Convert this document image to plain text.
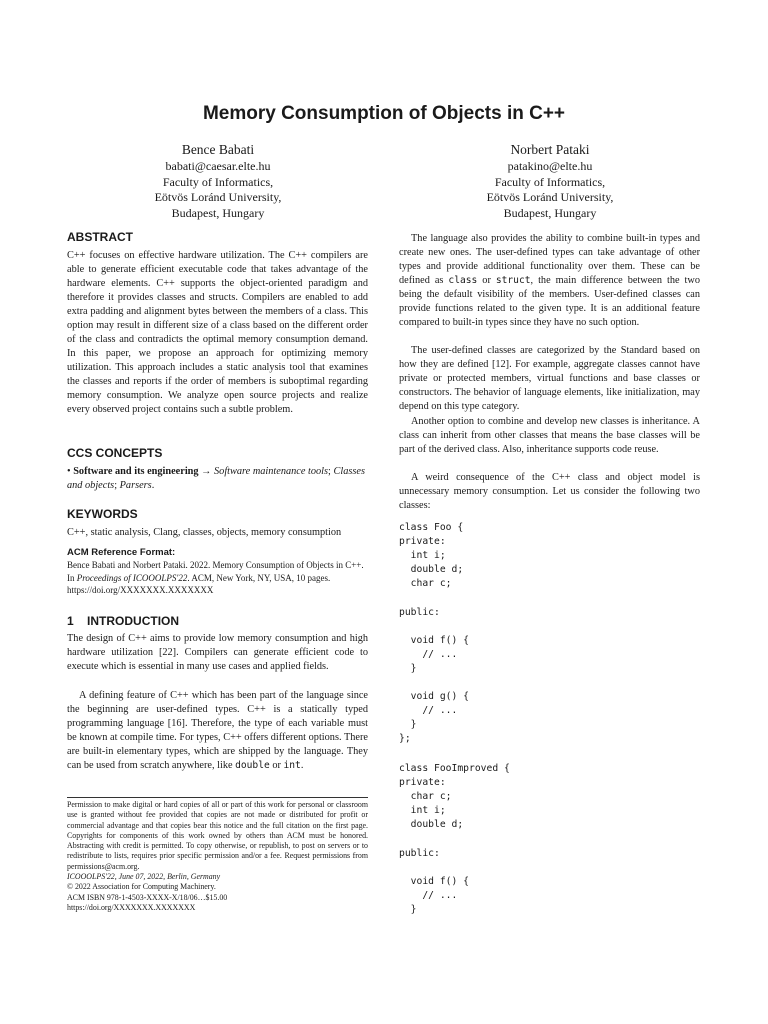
Memory Consumption of Objects in C++
Bence Babati
babati@caesar.elte.hu
Faculty of Informatics,
Eötvös Loránd University,
Budapest, Hungary
Norbert Pataki
patakino@elte.hu
Faculty of Informatics,
Eötvös Loránd University,
Budapest, Hungary
ABSTRACT

C++ focuses on effective hardware utilization. The C++ compilers are able to generate efficient executable code that takes advantage of the hardware elements. C++ supports the object-oriented paradigm and therefore it provides classes and structs. Compilers are enabled to add extra padding and alignment bytes between the members of a class. This option may result in different size of a class based on the different order of the class and contradicts the optimal memory consumption demand. In this paper, we propose an approach for optimizing memory utilization. This approach includes a static analysis tool that examines the classes and reports if the order of members is suboptimal regarding memory consumption. We analyze open source projects and realize every observed project contains such a subtle problem.

CCS CONCEPTS

• Software and its engineering → Software maintenance tools; Classes and objects; Parsers.

KEYWORDS

C++, static analysis, Clang, classes, objects, memory consumption

ACM Reference Format:

Bence Babati and Norbert Pataki. 2022. Memory Consumption of Objects in C++. In Proceedings of ICOOOLPS'22. ACM, New York, NY, USA, 10 pages. https://doi.org/XXXXXXX.XXXXXXX

1 INTRODUCTION

The design of C++ aims to provide low memory consumption and high hardware utilization [22]. Compilers can generate efficient code to execute which is essential in many use cases and applied fields.

A defining feature of C++ which has been part of the language since the beginning are user-defined types. C++ is a statically typed programming language [16]. Therefore, the type of each variable must be known at compile time. For types, C++ offers different options. There are built-in elementary types, which are shipped by the language. They can be used from scratch anywhere, like double or int.

Permission to make digital or hard copies of all or part of this work for personal or classroom use is granted without fee provided that copies are not made or distributed for profit or commercial advantage and that copies bear this notice and the full citation on the first page. Copyrights for components of this work owned by others than ACM must be honored. Abstracting with credit is permitted. To copy otherwise, or republish, to post on servers or to redistribute to lists, requires prior specific permission and/or a fee. Request permissions from permissions@acm.org.
ICOOOLPS'22, June 07, 2022, Berlin, Germany
© 2022 Association for Computing Machinery.
ACM ISBN 978-1-4503-XXXX-X/18/06…$15.00
https://doi.org/XXXXXXX.XXXXXXX

The language also provides the ability to combine built-in types and create new ones. The user-defined types can take advantage of other types and provide additional functionality over them. These can be defined as class or struct, the main difference between the two being the default visibility of the members. User-defined classes can provide functions related to the given type. It is an additional feature compared to built-in types since they have no such option.

The user-defined classes are categorized by the Standard based on how they are defined [12]. For example, aggregate classes cannot have private or protected members, virtual functions and base classes or constructors. The behavior of language elements, like initialization, may depend on this type category.

Another option to combine and develop new classes is inheritance. A class can inherit from other classes that means the base classes will be part of the derived class. Also, inheritance supports code reuse.

A weird consequence of the C++ class and object model is unnecessary memory consumption. Let us consider the following two classes:

class Foo {
private:
int i;
double d;
char c;

public:

void f() {
// ...
}

void g() {
// ...
}
};
class FooImproved {
private:
char c;
int i;
double d;

public:

void f() {
// ...
}
